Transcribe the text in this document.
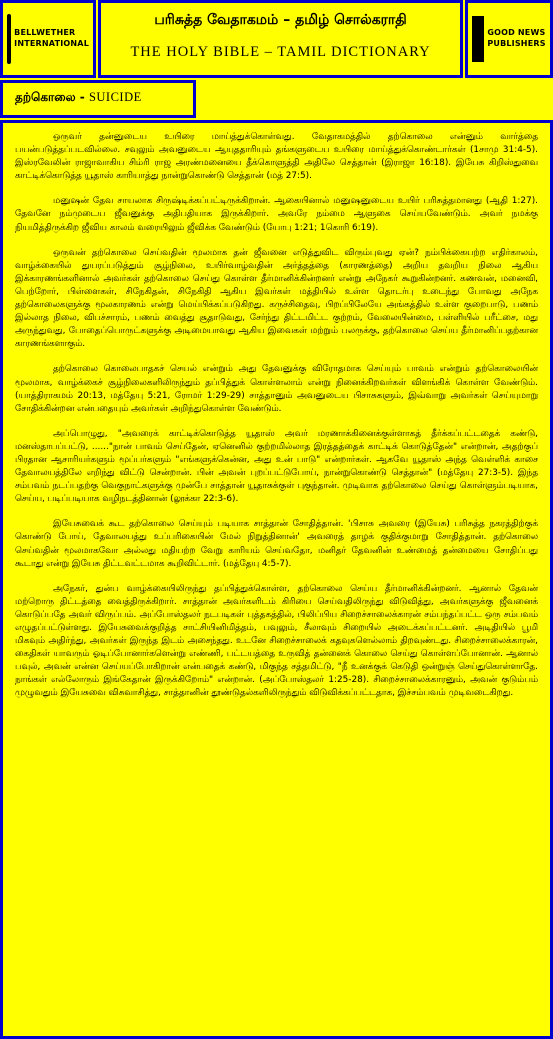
BELLWETHER
INTERNATIONAL
பரிசுத்த வேதாகமம் – தமிழ் சொல்கராதி
THE HOLY BIBLE – TAMIL DICTIONARY
GOOD NEWS
PUBLISHERS
தற்கொலை - SUICIDE

ஒருவர் தன்னுடைய உயிரை மாய்த்துக்கொள்வது. வேதாகமத்தில் தற்கொலை என்னும் வார்த்தை பயன்படுத்தப்படவில்லை. சவுலும் அவனுடைய ஆயுததாரியும் தங்களுடைய உயிரை மாய்த்துக்கொண்டார்கள் (1சாமு 31:4-5). இஸ்ரவேலின் ராஜாவாகிய சிம்ரி ராஜ அரண்மனையை தீக்கொளுத்தி அதிலே செத்தான் (இராஜா 16:18). இயேசு கிறிஸ்துவை காட்டிக்கொடுத்த யூதாஸ் காரியாத்து நான்றுகொண்டு செத்தான் (மத் 27:5).

மனுஷன் தேவ சாயலாக சிருஷ்டிக்கப்பட்டிருக்கிறான். ஆகையினால் மனுஷனுடைய உயிர் பரிசுத்தமானது (ஆதி 1:27). தேவனே நம்முடைய ஜீவனுக்கு அதிபதியாக இருக்கிறார். அவரே நம்மை ஆளுகை செய்யவேண்டும். அவர் நமக்கு நியமித்திருக்கிற ஜீவிய காலம் வரையிலும் ஜீவிக்க வேண்டும் (யோபு 1:21; 1கொரி 6:19).

ஒருவன் தற்கொலை செய்வதின் மூலமாக தன் ஜீவனை எடுத்துவிட விரும்புவது ஏன்? நம்பிக்கையற்ற எதிர்காலம், வாழ்க்கையில் துயரப்படுத்தும் சூழ்நிலை, உயிர்வாழ்வதின் அர்த்தத்தை (காரணத்தை) அறிய தவறிய நிலை ஆகிய இக்காரணங்களினால் அவர்கள் தற்கொலை செய்து கொள்ள தீர்மானிக்கின்றனர் என்று அநேகர் கூறுகின்றனர். கணவன், மனைவி, பெற்றோர், பிள்ளைகள், சிநேகிதன், சிநேகிதி ஆகிய இவர்கள் மத்தியில் உள்ள தொடர்பு உடைந்து போவது அநேக தற்கொலைகளுக்கு மூலகாரணம் என்று மெய்பிக்கப்படுகிறது. கருச்சிதைவு, பிறப்பிலேயே அங்கத்தில் உள்ள குறைபாடு, பணம் இல்லாத நிலை, விபச்சாரம், பணம் வைத்து சூதாடுவது, சேர்ந்து திட்டமிட்ட குற்றம், வேலையின்மை, பள்ளியில் பரீட்சை, மது அருந்துவது, போதைப்பொருட்களுக்கு அடிமையாவது ஆகிய இவைகள் மற்றும் பலருக்கு, தற்கொலை செய்ய தீர்மானிப்பதற்கான காரணங்களாகும்.

தற்கொலை கொலைபாதகச் செயல் என்றும் அது தேவனுக்கு விரோதமாக செய்யும் பாவம் என்றும் தற்கொலையின் மூலமாக, வாழ்க்கைச் சூழ்நிலைகளிலிருந்தும் தப்பித்துக் கொள்ளலாம் என்று நினைக்கிறவர்கள் விளங்கிக் கொள்ள வேண்டும். (யாத்திராகமம் 20:13, மத்தேயு 5:21, ரோமர் 1:29-29) சாத்தானும் அவனுடைய பிசாசுகளும், இவ்வாறு அவர்கள் செய்யுமாறு சோதிக்கின்றன என்பதையும் அவர்கள் அறிந்துகொள்ள வேண்டும்.

அப்பொழுது, "அவரைக் காட்டிக்கொடுத்த யூதாஸ் அவர் மரணாக்கினைக்குள்ளாகத் தீர்க்கப்பட்டதைக் கண்டு, மனஸ்தாபப்பட்டு, ......"நான் பாவம் செய்தேன், ஏனெனில் குற்றமில்லாத இரத்தத்தைக் காட்டிக் கொடுத்தேன்" என்றான், அதற்குப் பிரதான ஆசாரியர்களும் மூப்பர்களும் "எங்களுக்கென்ன, அது உன் பாடு" என்றார்கள். ஆகவே யூதாஸ் அந்த வெள்ளிக் காசை தேவாலயத்திலே எறிந்து விட்டு சென்றான். பின் அவன் புறப்பட்டுபோய், நான்றுகொண்டு செத்தான்" (மத்தேயு 27:3-5). இந்த சம்பவம் நடப்பதற்கு வெகுநாட்களுக்கு முன்பே சாத்தான் யூதாசுக்குள் புகுந்தான். முடிவாக தற்கொலை செய்து கொள்ளும்படியாக, செய்ய, படிப்படியாக வழிநடத்தினான் (லூக்கா 22:3-6).

இயேசுவைக் கூட தற்கொலை செய்யும் படியாக சாத்தான் சோதித்தான். 'பிசாசு அவரை (இயேசு) பரிசுத்த நகரத்திற்குக் கொண்டு போய், தேவாலயத்து உப்பரிகையின் மேல் நிறுத்தினான்' அவரைத் தாழக் குதிக்குமாறு சோதித்தான். தற்கொலை செய்வதின் மூலமாகவோ அல்லது மதியற்ற வேறு காரியம் செய்வதோ, மனிதர் தேவனின் உண்மைத் தன்மையை சோதிப்பது கூடாது என்று இயேசு திட்டவட்டமாக கூறிவிட்டார். (மத்தேயு 4:5-7).

அநேகர், துன்ப வாழ்க்கையிலிருந்து தப்பித்துக்கொள்ள, தற்கொலை செய்ய தீர்மானிக்கின்றனர். ஆனால் தேவன் மற்றொரு திட்டத்தை வைத்திருக்கிறார். சாத்தான் அவர்களிடம் கிரியை செய்வதிலிருந்து விடுவித்து, அவர்களுக்கு ஜீவனைக் கொடுப்பதே அவர் விருப்பம். அப்போஸ்தலர் நடபடிகள் புத்தகத்தில், பிலிப்பிய சிறைச்சாலைக்காரன் சம்பந்தப்பட்ட ஒரு சம்பவம் எழுதப்பட்டுள்ளது. இயேசுவைக்குறித்த சாட்சியினிமித்தம், பவுலும், சீலாவும் சிறையில் அடைக்கப்பட்டனர். அடிதியில் பூமி மிகவும் அதிர்ந்து, அவர்கள் இருந்த இடம் அசைந்தது. உடனே சிறைச்சாலைக் கதவுகளெல்லாம் திறவுண்டது. சிறைச்சாலைக்காரன், கைதிகள் யாவரும் ஓடிப்போனார்களென்று எண்ணி, பட்டயத்தை உருவித் தன்னைக் கொலை செய்து கொள்ளப்போனான். ஆனால் பவுல், அவன் என்ன செய்யப்போகிறான் என்பதைக் கண்டு, மிகுந்த சத்தமிட்டு, "நீ உனக்குக் கெடுதி ஒன்றுஞ் செய்துகொள்ளாதே. நாங்கள் எல்லோரும் இங்கேதான் இருக்கிறோம்" என்றான். (அப்போஸ்தலர் 1:25-28). சிறைச்சாலைக்காரனும், அவன் குடும்பம் முழுவதும் இயேசுவை விசுவாசித்து, சாத்தானின் தூண்டுதல்களிலிருந்தும் விடுவிக்கப்பட்டதாக, இச்சம்பவம் முடிவடைகிறது.
